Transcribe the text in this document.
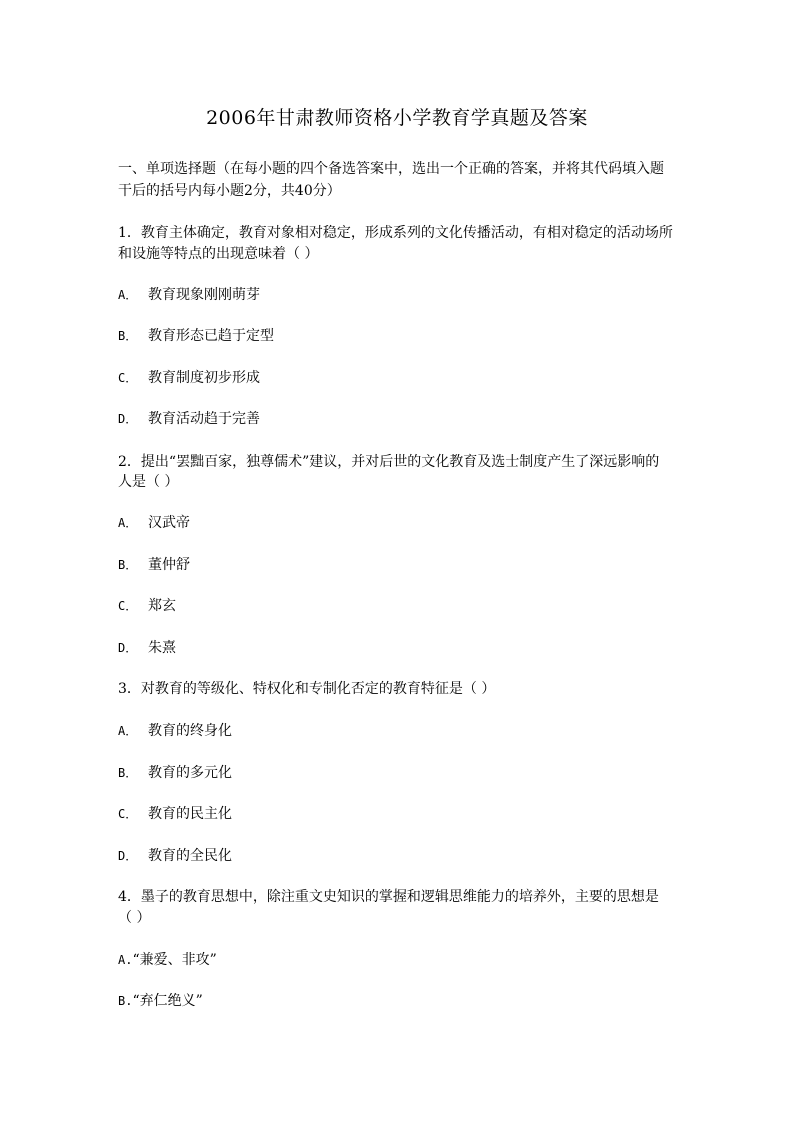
2006年甘肃教师资格小学教育学真题及答案
一、单项选择题（在每小题的四个备选答案中，选出一个正确的答案，并将其代码填入题
干后的括号内每小题2分，共40分）
1．教育主体确定，教育对象相对稳定，形成系列的文化传播活动，有相对稳定的活动场所
和设施等特点的出现意味着（ ）
A． 教育现象刚刚萌芽
B． 教育形态已趋于定型
C． 教育制度初步形成
D． 教育活动趋于完善
2．提出“罢黜百家，独尊儒术”建议，并对后世的文化教育及选士制度产生了深远影响的
人是（ ）
A． 汉武帝
B． 董仲舒
C． 郑玄
D． 朱熹
3．对教育的等级化、特权化和专制化否定的教育特征是（ ）
A． 教育的终身化
B． 教育的多元化
C． 教育的民主化
D． 教育的全民化
4．墨子的教育思想中，除注重文史知识的掌握和逻辑思维能力的培养外，主要的思想是
（ ）
A.“兼爱、非攻”
B.“弃仁绝义”
